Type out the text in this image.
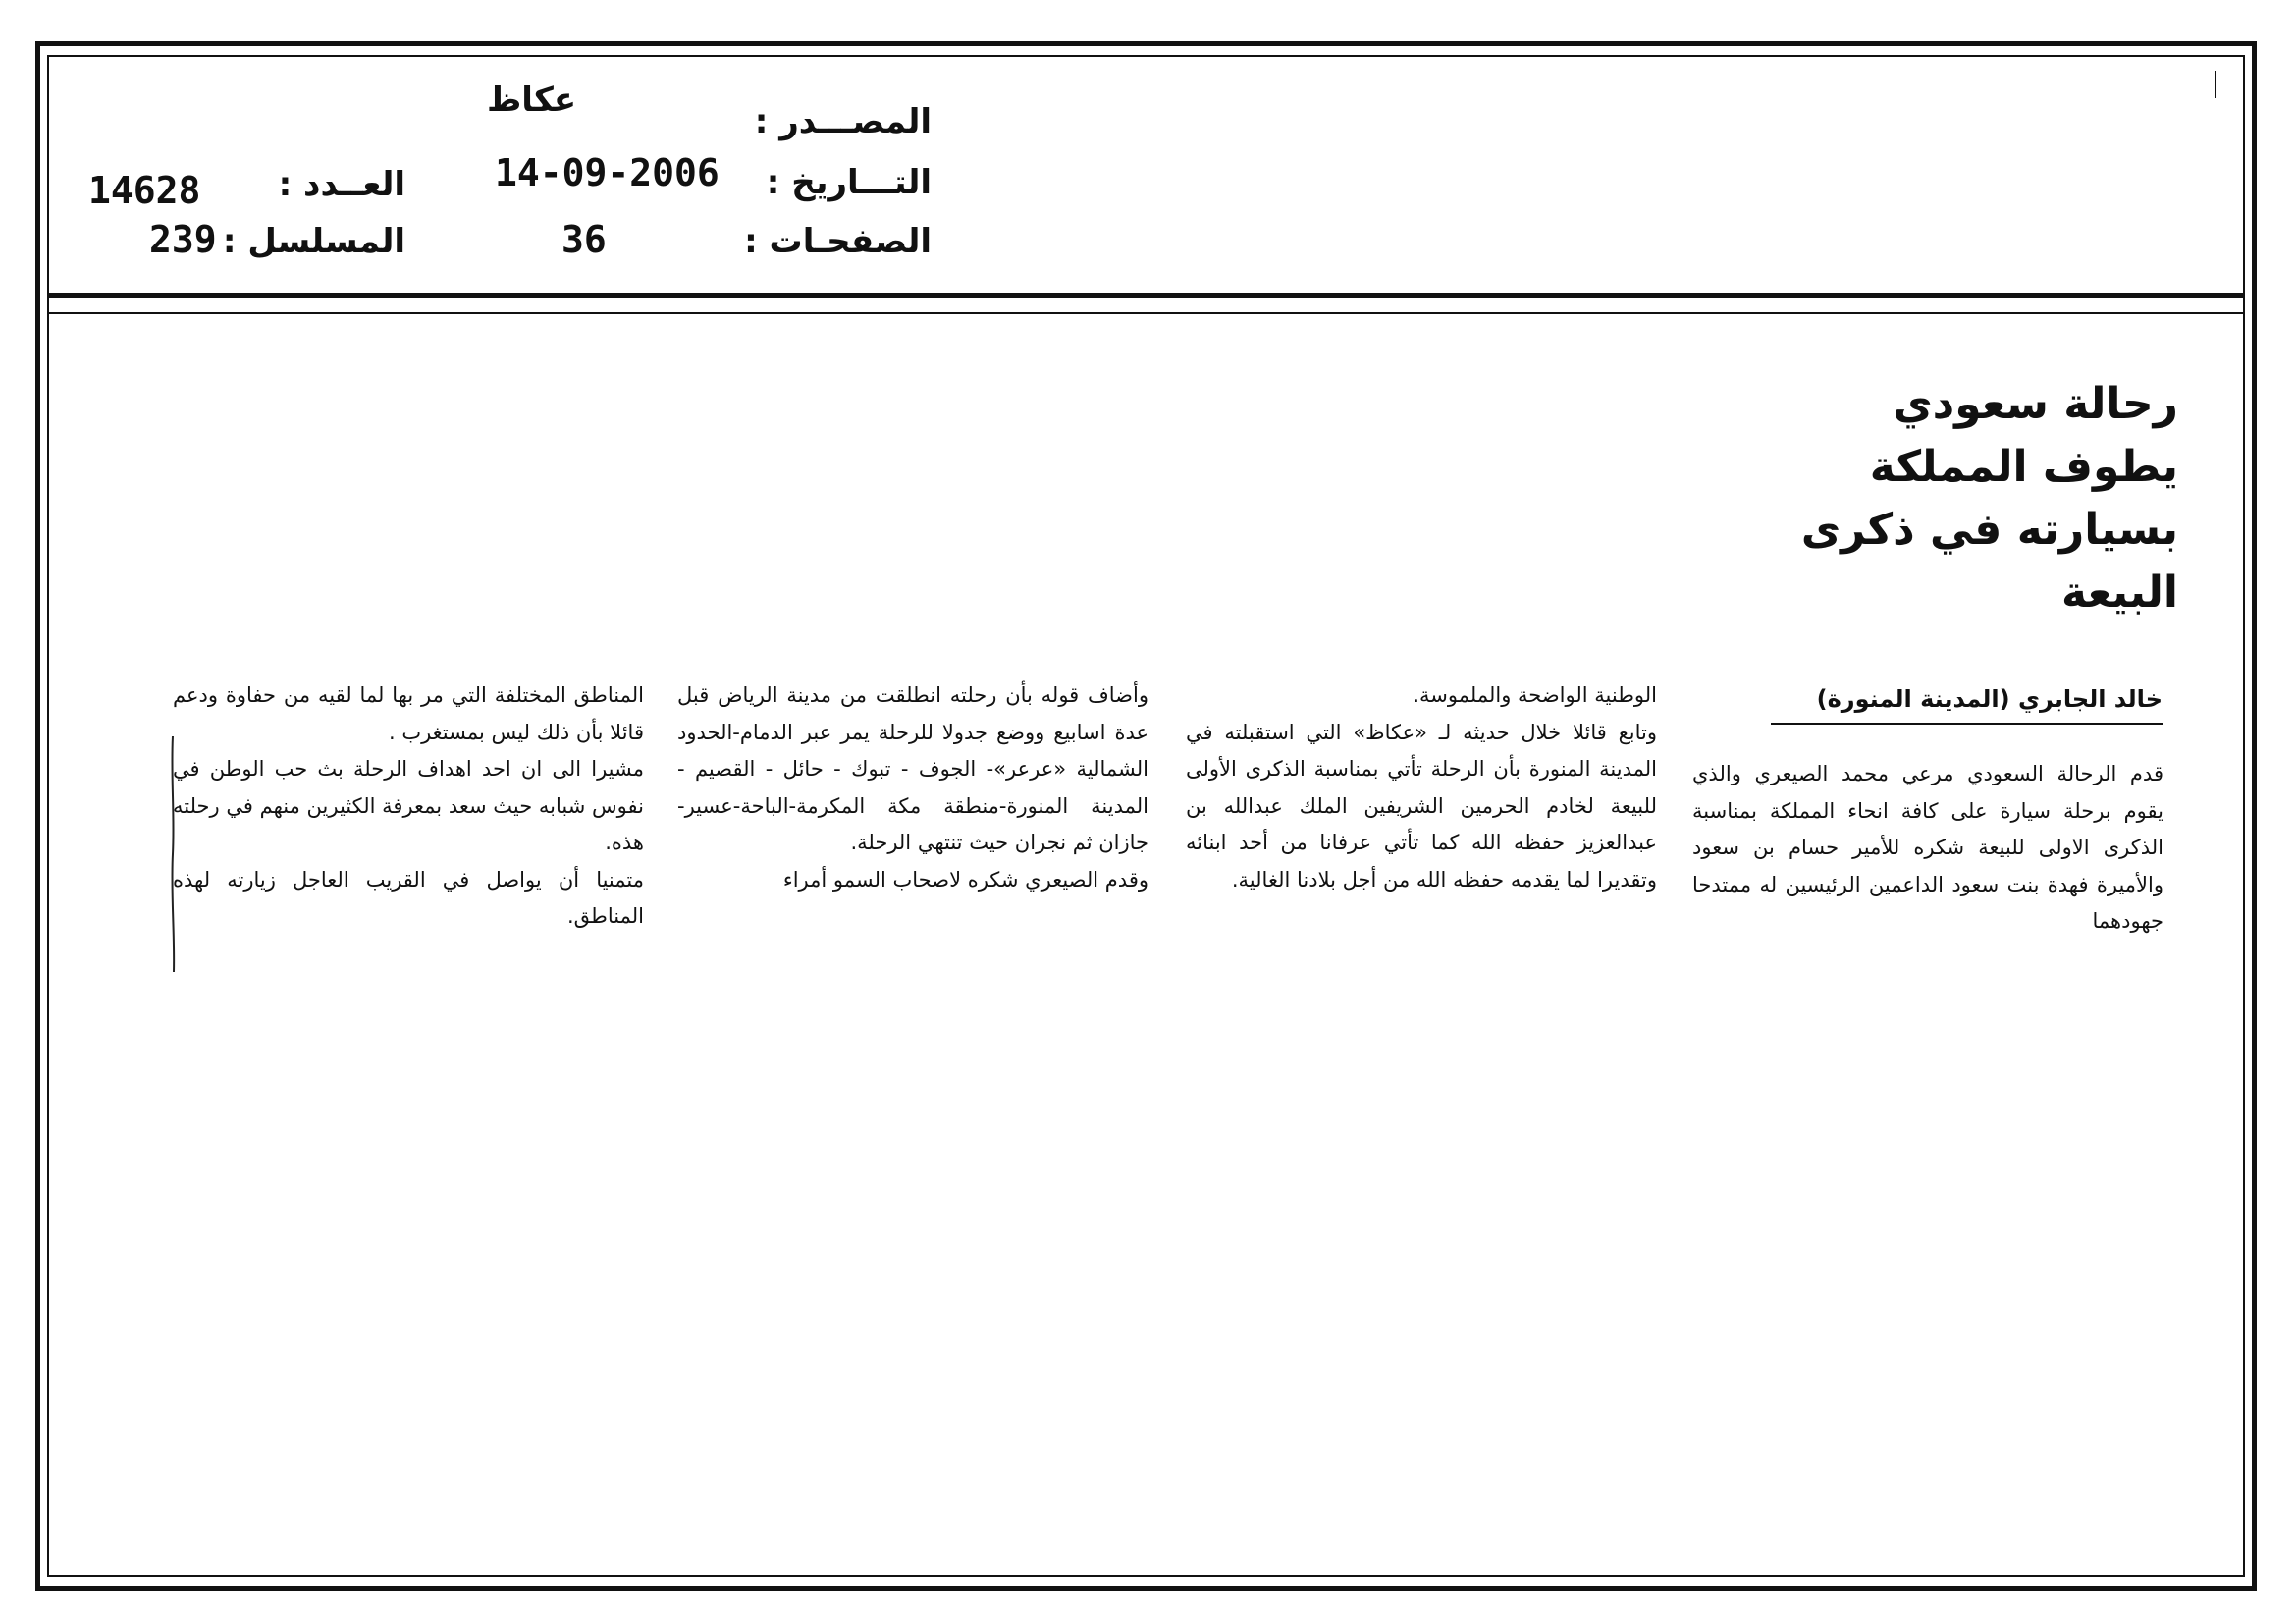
المصـــدر :
عكاظ
التـــاريخ :
14-09-2006
الصفحـات :
36
العــدد :
14628
المسلسل :
239
رحالة سعودي
يطوف المملكة
بسيارته في ذكرى
البيعة
خالد الجابري (المدينة المنورة)

قدم الرحالة السعودي مرعي محمد الصيعري والذي يقوم برحلة سيارة على كافة انحاء المملكة بمناسبة الذكرى الاولى للبيعة شكره للأمير حسام بن سعود والأميرة فهدة بنت سعود الداعمين الرئيسين له ممتدحا جهودهما

الوطنية الواضحة والملموسة.

وتابع قائلا خلال حديثه لـ «عكاظ» التي استقبلته في المدينة المنورة بأن الرحلة تأتي بمناسبة الذكرى الأولى للبيعة لخادم الحرمين الشريفين الملك عبدالله بن عبدالعزيز حفظه الله كما تأتي عرفانا من أحد ابنائه وتقديرا لما يقدمه حفظه الله من أجل بلادنا الغالية.

وأضاف قوله بأن رحلته انطلقت من مدينة الرياض قبل عدة اسابيع ووضع جدولا للرحلة يمر عبر الدمام-الحدود الشمالية «عرعر»- الجوف - تبوك - حائل - القصيم - المدينة المنورة-منطقة مكة المكرمة-الباحة-عسير-جازان ثم نجران حيث تنتهي الرحلة.

وقدم الصيعري شكره لاصحاب السمو أمراء

المناطق المختلفة التي مر بها لما لقيه من حفاوة ودعم قائلا بأن ذلك ليس بمستغرب .

مشيرا الى ان احد اهداف الرحلة بث حب الوطن في نفوس شبابه حيث سعد بمعرفة الكثيرين منهم في رحلته هذه.

متمنيا أن يواصل في القريب العاجل زيارته لهذه المناطق.
